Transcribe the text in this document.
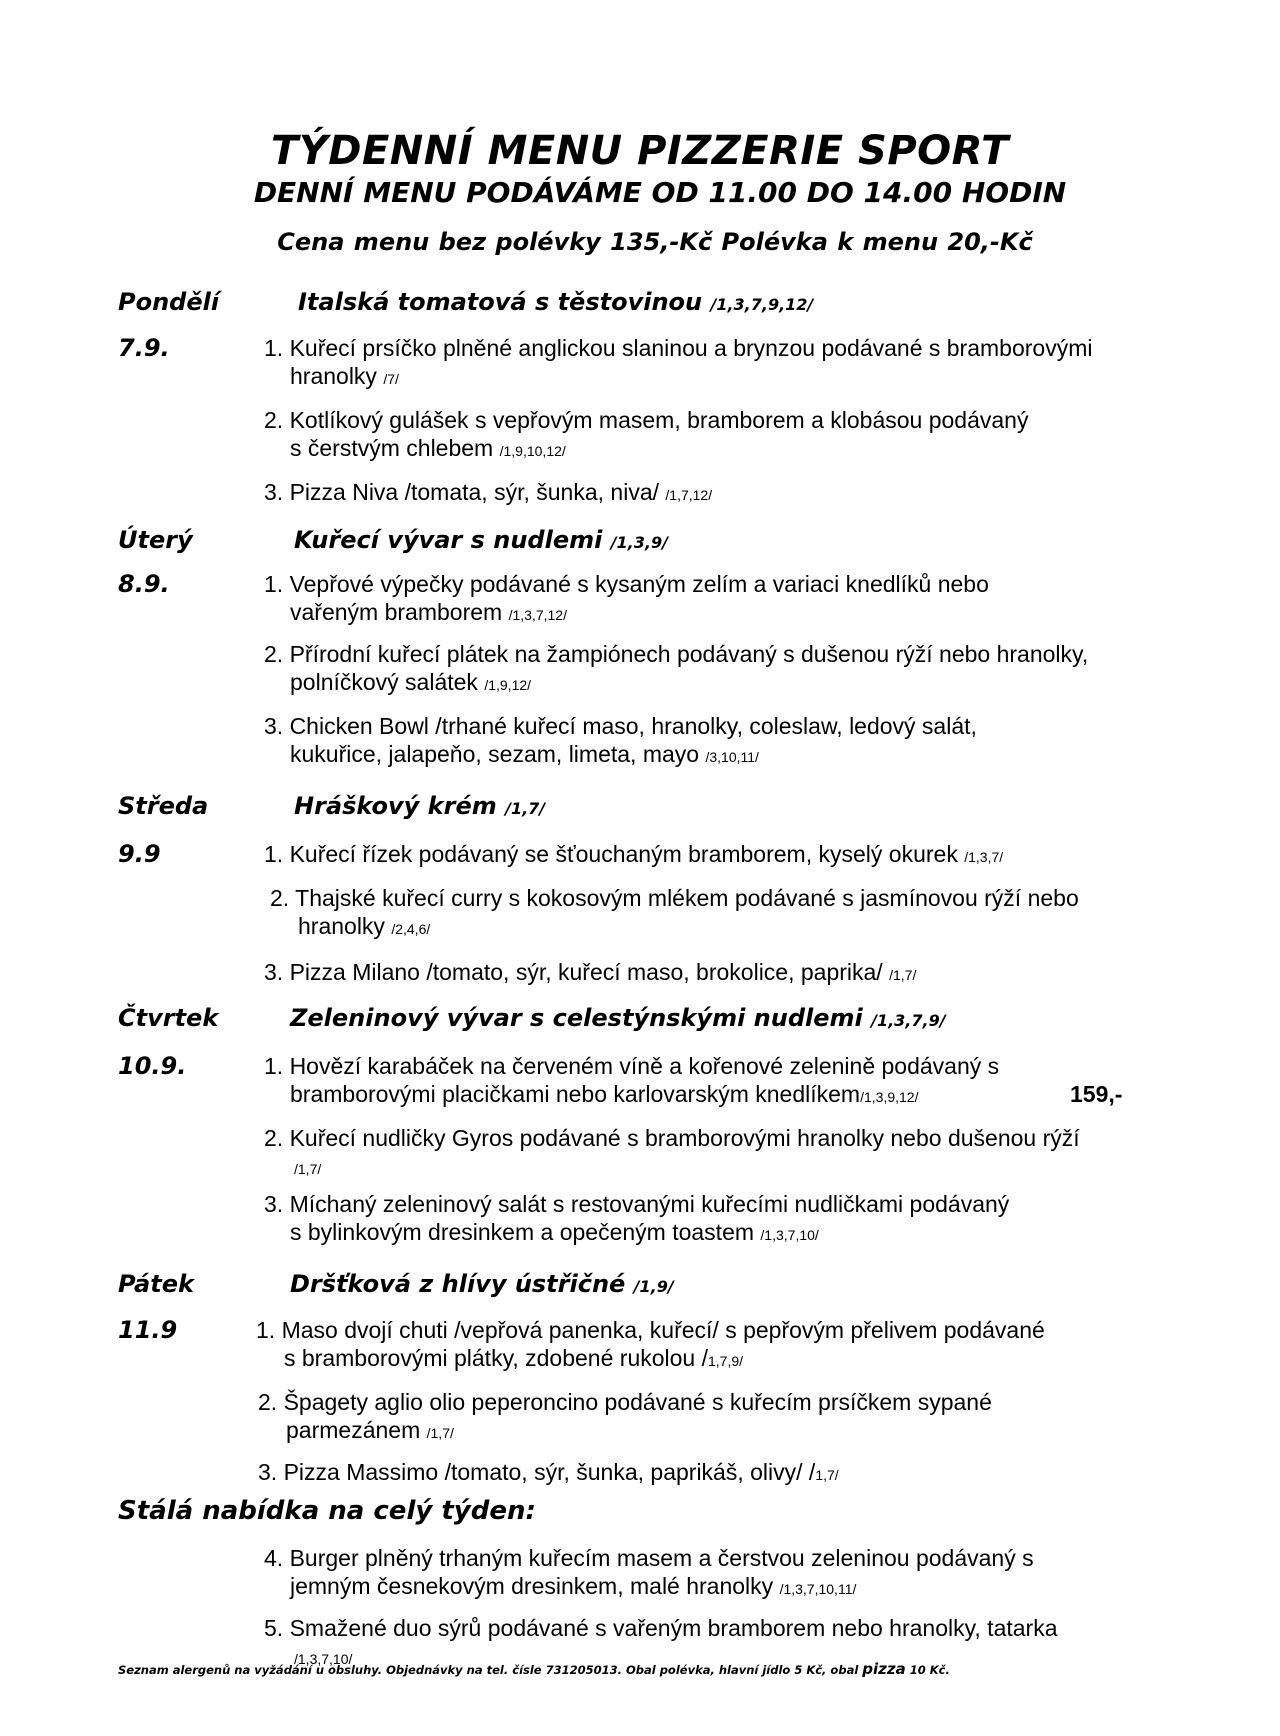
TÝDENNÍ MENU PIZZERIE SPORT
DENNÍ MENU PODÁVÁME OD 11.00 DO 14.00 HODIN

Cena menu bez polévky 135,-Kč Polévka k menu 20,-Kč

Pondělí	Italská tomatová s těstovinou /1,3,7,9,12/
7.9.	1. Kuřecí prsíčko plněné anglickou slaninou a brynzou podávané s bramborovými
hranolky /7/
2. Kotlíkový gulášek s vepřovým masem, bramborem a klobásou podávaný
s čerstvým chlebem /1,9,10,12/
3. Pizza Niva /tomata, sýr, šunka, niva/ /1,7,12/
Úterý	Kuřecí vývar s nudlemi /1,3,9/
8.9.	1. Vepřové výpečky podávané s kysaným zelím a variaci knedlíků nebo
vařeným bramborem /1,3,7,12/
2. Přírodní kuřecí plátek na žampiónech podávaný s dušenou rýží nebo hranolky,
polníčkový salátek /1,9,12/
3. Chicken Bowl /trhané kuřecí maso, hranolky, coleslaw, ledový salát,
kukuřice, jalapeňo, sezam, limeta, mayo /3,10,11/
Středa	Hráškový krém /1,7/
9.9	1. Kuřecí řízek podávaný se šťouchaným bramborem, kyselý okurek /1,3,7/
2. Thajské kuřecí curry s kokosovým mlékem podávané s jasmínovou rýží nebo
hranolky /2,4,6/
3. Pizza Milano /tomato, sýr, kuřecí maso, brokolice, paprika/ /1,7/
Čtvrtek	Zeleninový vývar s celestýnskými nudlemi /1,3,7,9/
10.9.	1. Hovězí karabáček na červeném víně a kořenové zelenině podávaný s
bramborovými placičkami nebo karlovarským knedlíkem/1,3,9,12/	159,-
2. Kuřecí nudličky Gyros podávané s bramborovými hranolky nebo dušenou rýží
/1,7/
3. Míchaný zeleninový salát s restovanými kuřecími nudličkami podávaný
s bylinkovým dresinkem a opečeným toastem /1,3,7,10/
Pátek	Dršťková z hlívy ústřičné /1,9/
11.9	1. Maso dvojí chuti /vepřová panenka, kuřecí/ s pepřovým přelivem podávané
s bramborovými plátky, zdobené rukolou /1,7,9/
2. Špagety aglio olio peperoncino podávané s kuřecím prsíčkem sypané
parmezánem /1,7/
3. Pizza Massimo /tomato, sýr, šunka, paprikáš, olivy/ /1,7/
Stálá nabídka na celý týden:
4. Burger plněný trhaným kuřecím masem a čerstvou zeleninou podávaný s
jemným česnekovým dresinkem, malé hranolky /1,3,7,10,11/
5. Smažené duo sýrů podávané s vařeným bramborem nebo hranolky, tatarka
/1,3,7,10/
Seznam alergenů na vyžádání u obsluhy. Objednávky na tel. čísle 731205013. Obal polévka, hlavní jídlo 5 Kč, obal pizza 10 Kč.
